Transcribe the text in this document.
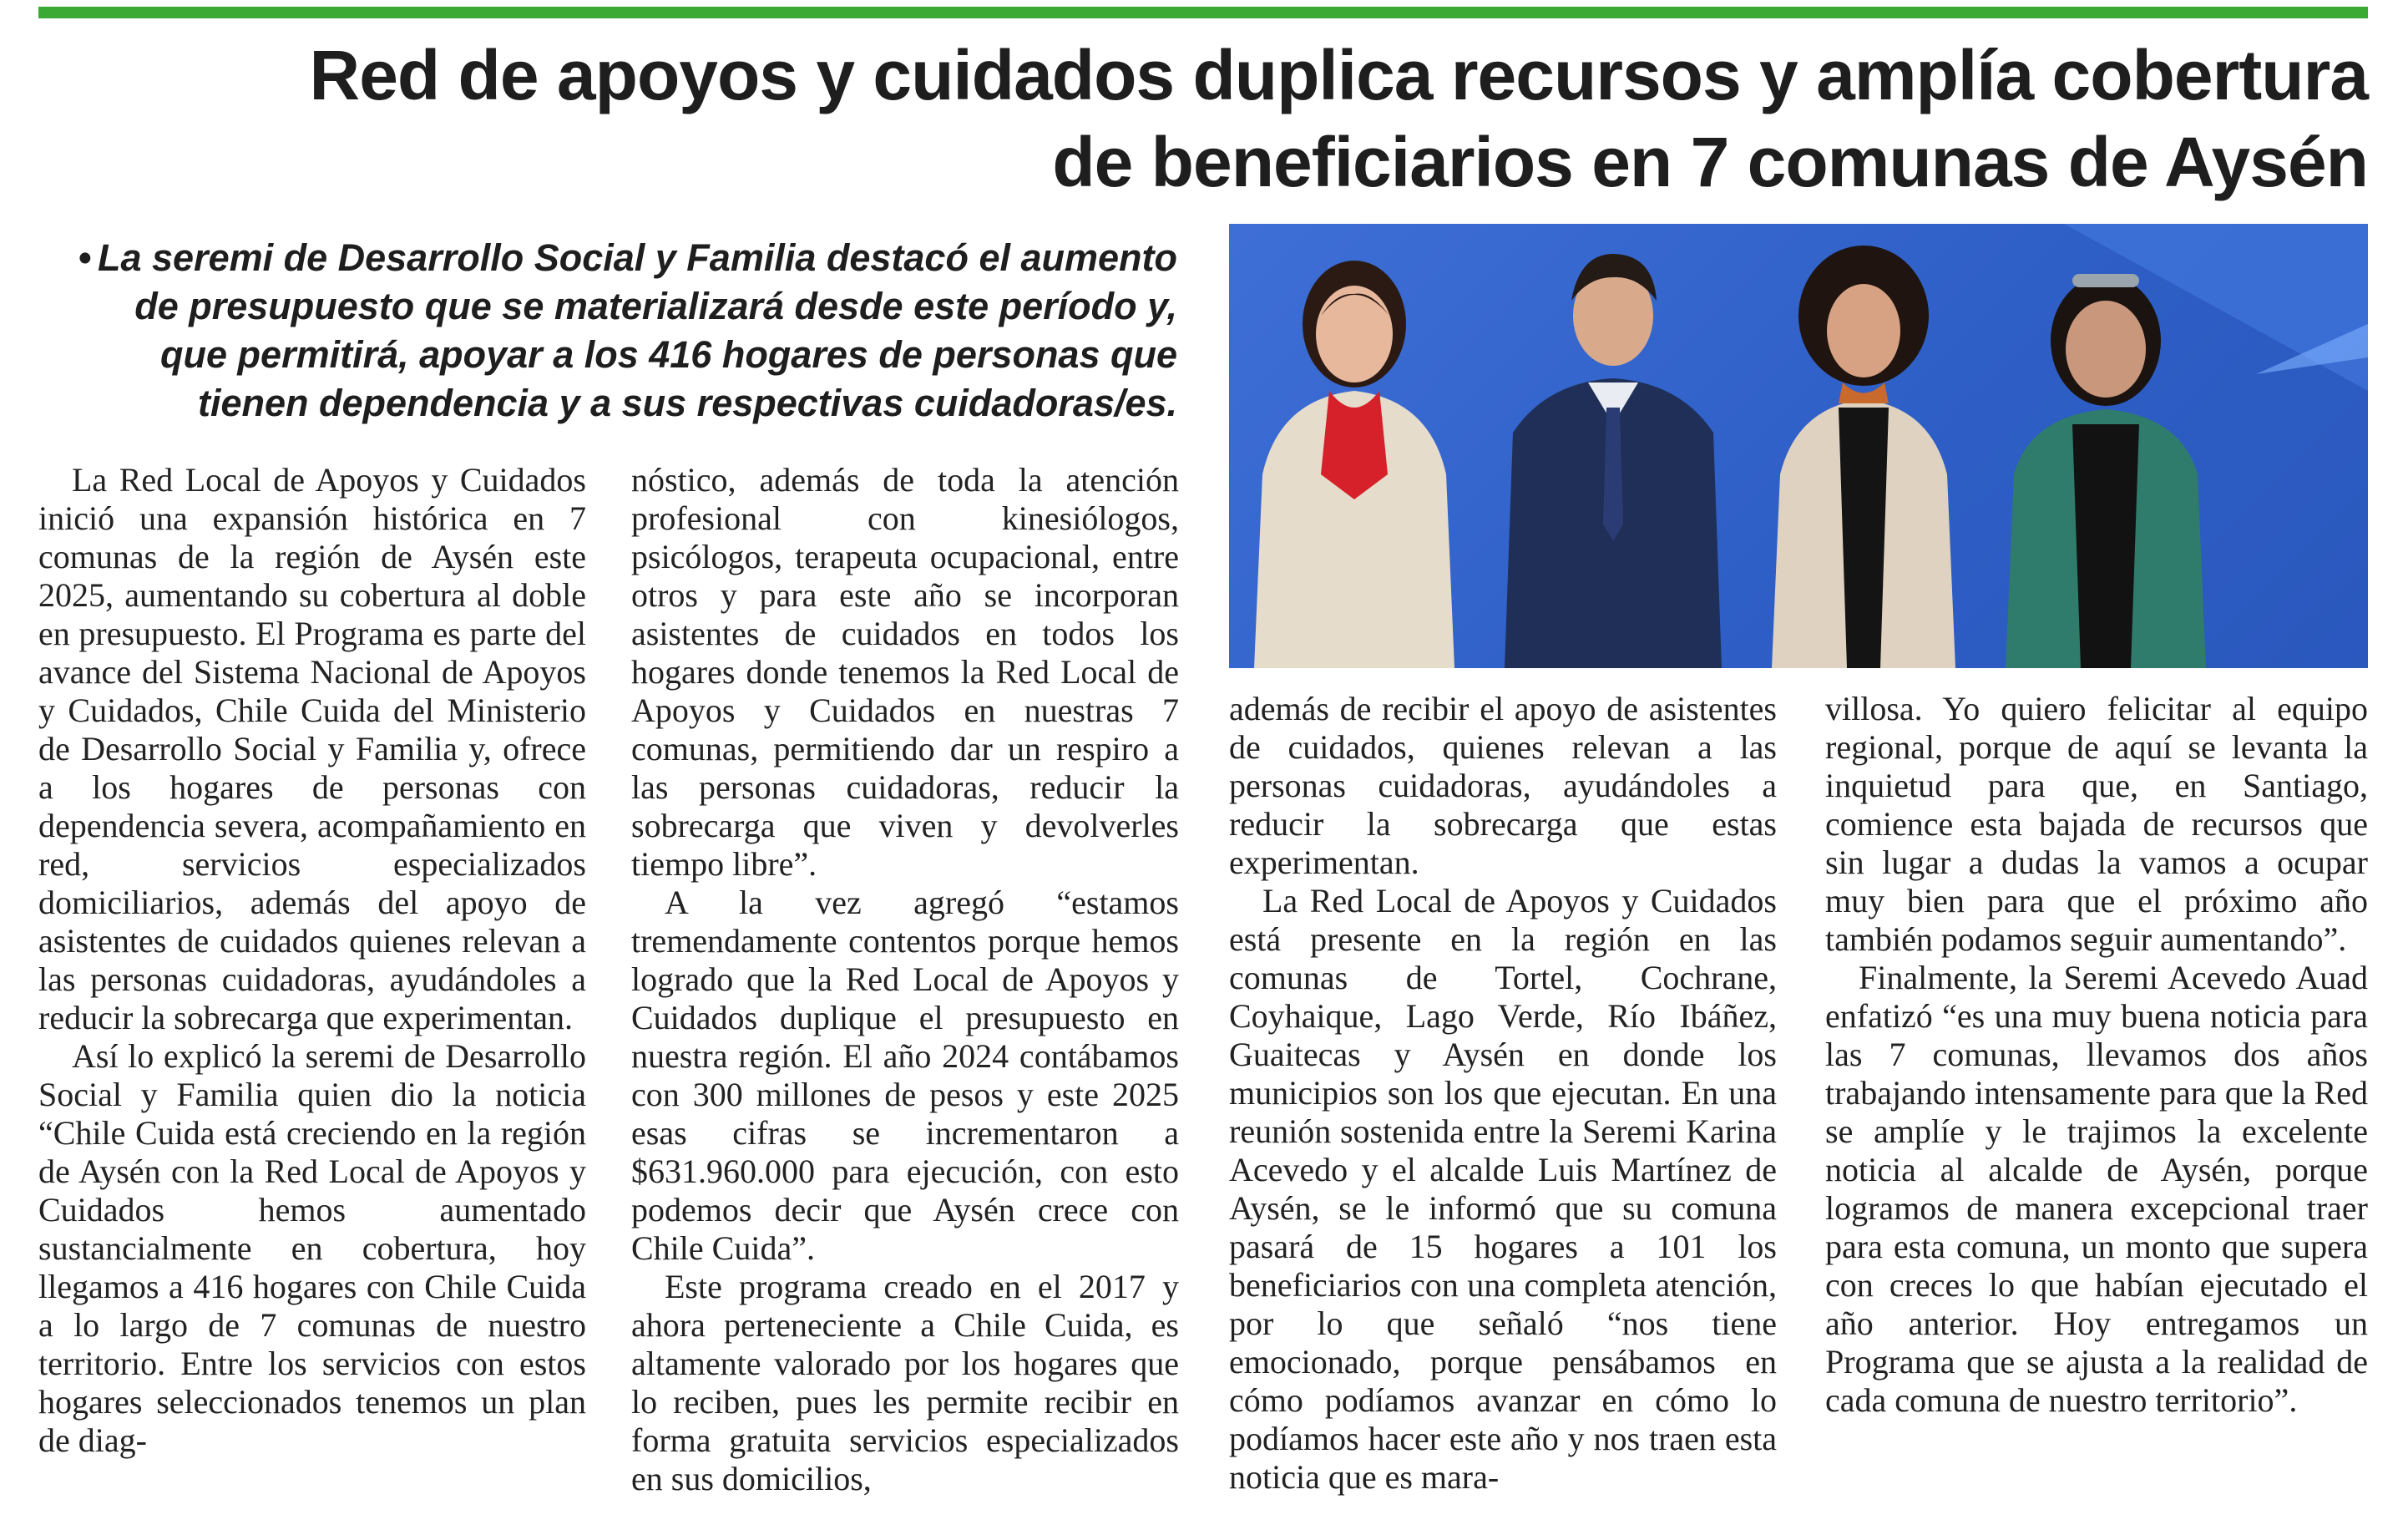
Red de apoyos y cuidados duplica recursos y amplía cobertura
de beneficiarios en 7 comunas de Aysén

• La seremi de Desarrollo Social y Familia destacó el aumento de presupuesto que se materializará desde este período y, que permitirá, apoyar a los 416 hogares de personas que tienen dependencia y a sus respectivas cuidadoras/es.

La Red Local de Apoyos y Cuidados inició una expansión histórica en 7 comunas de la región de Aysén este 2025, aumentando su cobertura al doble en presupuesto. El Programa es parte del avance del Sistema Nacional de Apoyos y Cuidados, Chile Cuida del Ministerio de Desarrollo Social y Familia y, ofrece a los hogares de personas con dependencia severa, acompañamiento en red, servicios especializados domiciliarios, además del apoyo de asistentes de cuidados quienes relevan a las personas cuidadoras, ayudándoles a reducir la sobrecarga que experimentan.

Así lo explicó la seremi de Desarrollo Social y Familia quien dio la noticia “Chile Cuida está creciendo en la región de Aysén con la Red Local de Apoyos y Cuidados hemos aumentado sustancialmente en cobertura, hoy llegamos a 416 hogares con Chile Cuida a lo largo de 7 comunas de nuestro territorio. Entre los servicios con estos hogares seleccionados tenemos un plan de diag-

nóstico, además de toda la atención profesional con kinesiólogos, psicólogos, terapeuta ocupacional, entre otros y para este año se incorporan asistentes de cuidados en todos los hogares donde tenemos la Red Local de Apoyos y Cuidados en nuestras 7 comunas, permitiendo dar un respiro a las personas cuidadoras, reducir la sobrecarga que viven y devolverles tiempo libre”.

A la vez agregó “estamos tremendamente contentos porque hemos logrado que la Red Local de Apoyos y Cuidados duplique el presupuesto en nuestra región. El año 2024 contábamos con 300 millones de pesos y este 2025 esas cifras se incrementaron a $631.960.000 para ejecución, con esto podemos decir que Aysén crece con Chile Cuida”.

Este programa creado en el 2017 y ahora perteneciente a Chile Cuida, es altamente valorado por los hogares que lo reciben, pues les permite recibir en forma gratuita servicios especializados en sus domicilios,

además de recibir el apoyo de asistentes de cuidados, quienes relevan a las personas cuidadoras, ayudándoles a reducir la sobrecarga que estas experimentan.

La Red Local de Apoyos y Cuidados está presente en la región en las comunas de Tortel, Cochrane, Coyhaique, Lago Verde, Río Ibáñez, Guaitecas y Aysén en donde los municipios son los que ejecutan. En una reunión sostenida entre la Seremi Karina Acevedo y el alcalde Luis Martínez de Aysén, se le informó que su comuna pasará de 15 hogares a 101 los beneficiarios con una completa atención, por lo que señaló “nos tiene emocionado, porque pensábamos en cómo podíamos avanzar en cómo lo podíamos hacer este año y nos traen esta noticia que es mara-

villosa. Yo quiero felicitar al equipo regional, porque de aquí se levanta la inquietud para que, en Santiago, comience esta bajada de recursos que sin lugar a dudas la vamos a ocupar muy bien para que el próximo año también podamos seguir aumentando”.

Finalmente, la Seremi Acevedo Auad enfatizó “es una muy buena noticia para las 7 comunas, llevamos dos años trabajando intensamente para que la Red se amplíe y le trajimos la excelente noticia al alcalde de Aysén, porque logramos de manera excepcional traer para esta comuna, un monto que supera con creces lo que habían ejecutado el año anterior. Hoy entregamos un Programa que se ajusta a la realidad de cada comuna de nuestro territorio”.
